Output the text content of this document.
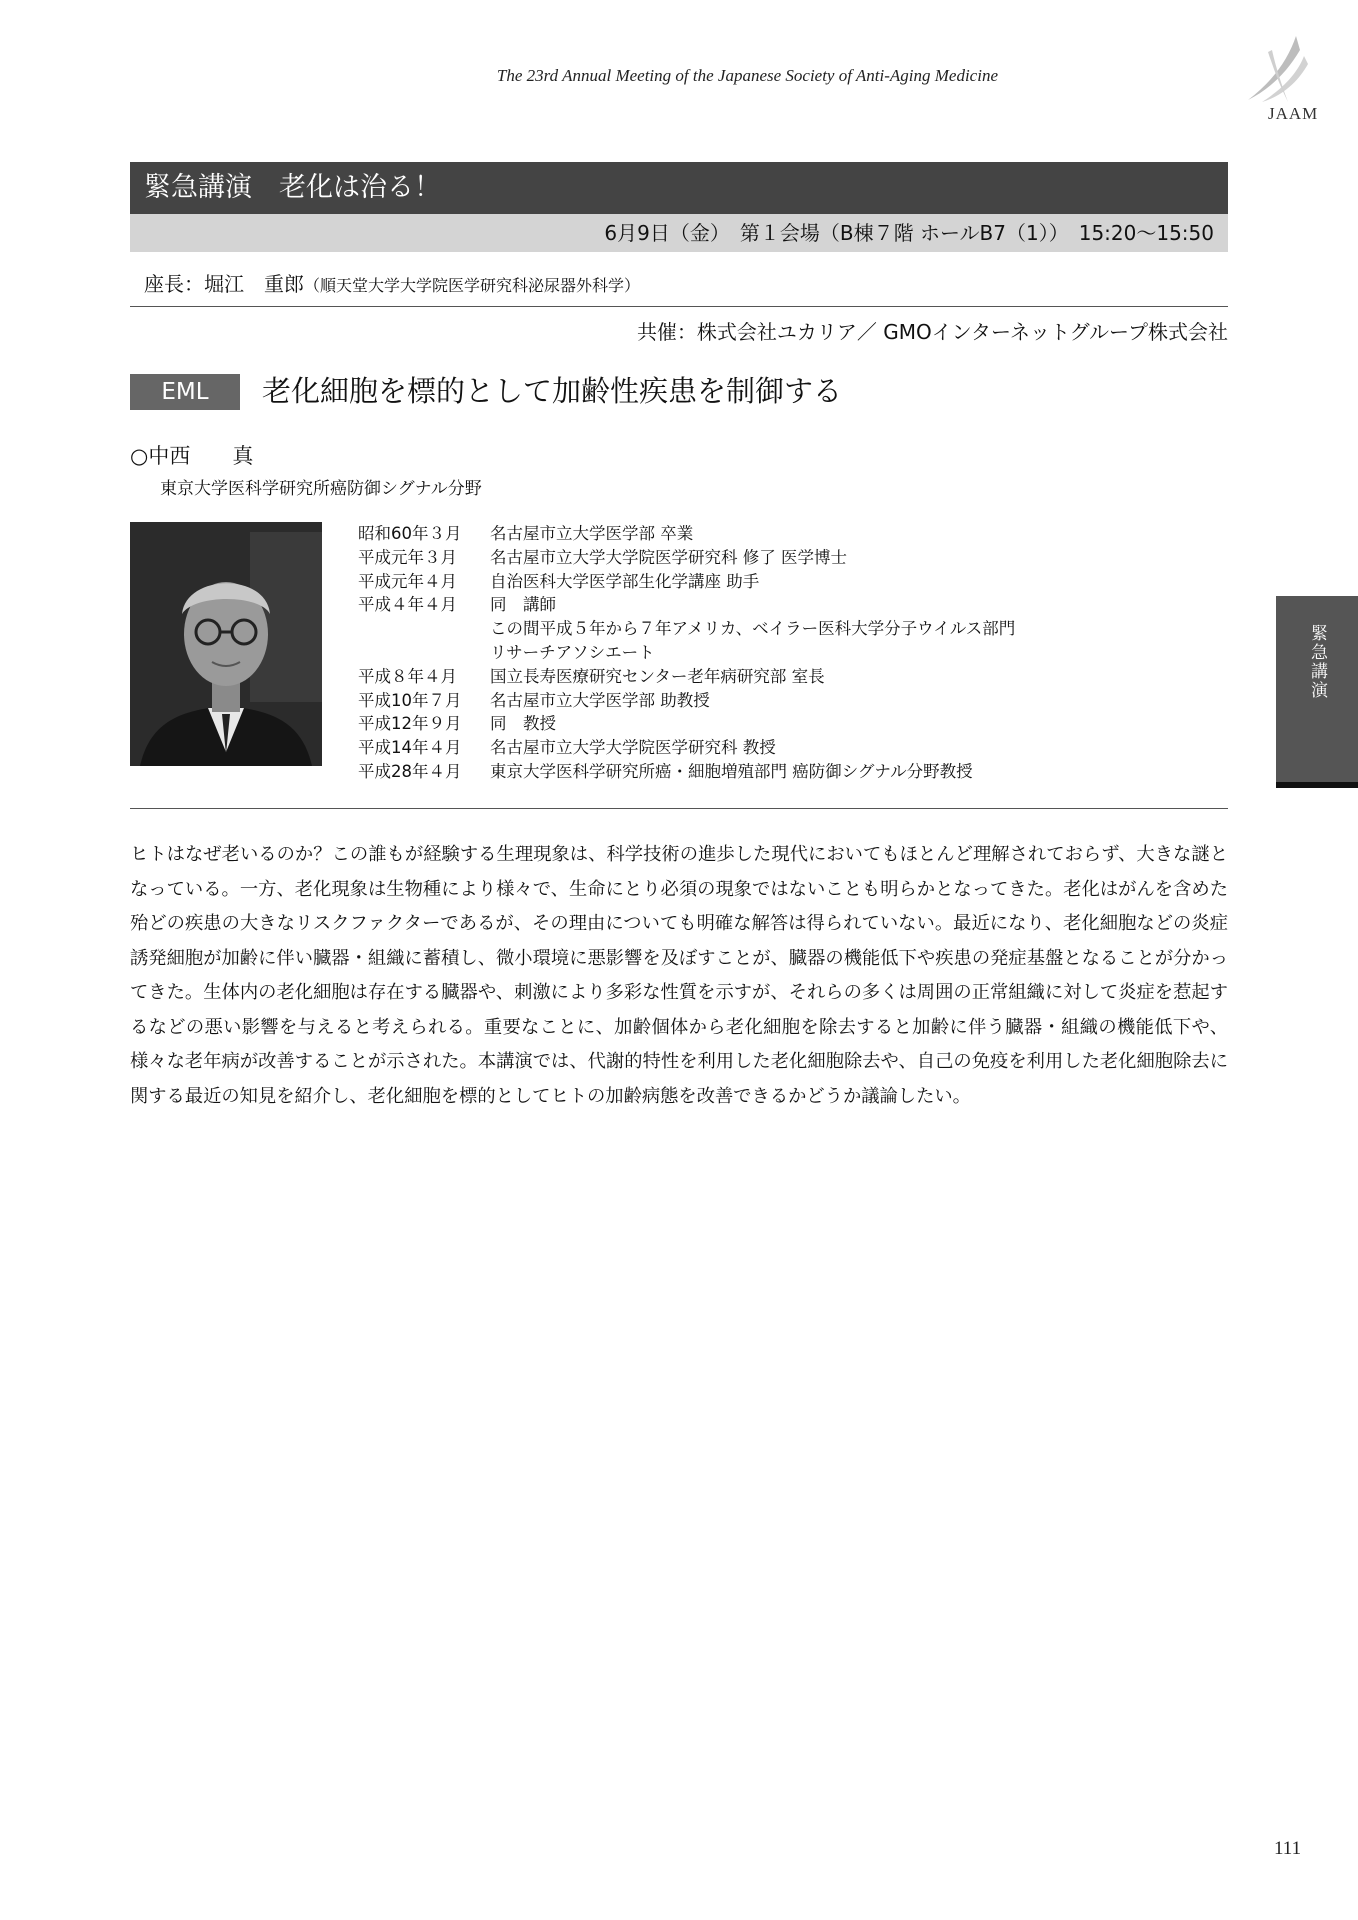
The 23rd Annual Meeting of the Japanese Society of Anti-Aging Medicine
JAAM
緊急講演　老化は治る！
6月9日（金）　第１会場（B棟７階 ホールB7（1））　15:20〜15:50
座長：堀江　重郎（順天堂大学大学院医学研究科泌尿器外科学）
共催：株式会社ユカリア／ GMOインターネットグループ株式会社
EML	老化細胞を標的として加齢性疾患を制御する
○中西　　真
東京大学医科学研究所癌防御シグナル分野
昭和60年３月	名古屋市立大学医学部 卒業
平成元年３月	名古屋市立大学大学院医学研究科 修了 医学博士
平成元年４月	自治医科大学医学部生化学講座 助手
平成４年４月	同　講師
この間平成５年から７年アメリカ、ベイラー医科大学分子ウイルス部門
リサーチアソシエート
平成８年４月	国立長寿医療研究センター老年病研究部 室長
平成10年７月	名古屋市立大学医学部 助教授
平成12年９月	同　教授
平成14年４月	名古屋市立大学大学院医学研究科 教授
平成28年４月	東京大学医科学研究所癌・細胞増殖部門 癌防御シグナル分野教授
ヒトはなぜ老いるのか？この誰もが経験する生理現象は、科学技術の進歩した現代においてもほとんど理解されておらず、大きな謎となっている。一方、老化現象は生物種により様々で、生命にとり必須の現象ではないことも明らかとなってきた。老化はがんを含めた殆どの疾患の大きなリスクファクターであるが、その理由についても明確な解答は得られていない。最近になり、老化細胞などの炎症誘発細胞が加齢に伴い臓器・組織に蓄積し、微小環境に悪影響を及ぼすことが、臓器の機能低下や疾患の発症基盤となることが分かってきた。生体内の老化細胞は存在する臓器や、刺激により多彩な性質を示すが、それらの多くは周囲の正常組織に対して炎症を惹起するなどの悪い影響を与えると考えられる。重要なことに、加齢個体から老化細胞を除去すると加齢に伴う臓器・組織の機能低下や、様々な老年病が改善することが示された。本講演では、代謝的特性を利用した老化細胞除去や、自己の免疫を利用した老化細胞除去に関する最近の知見を紹介し、老化細胞を標的としてヒトの加齢病態を改善できるかどうか議論したい。
緊急講演
111
